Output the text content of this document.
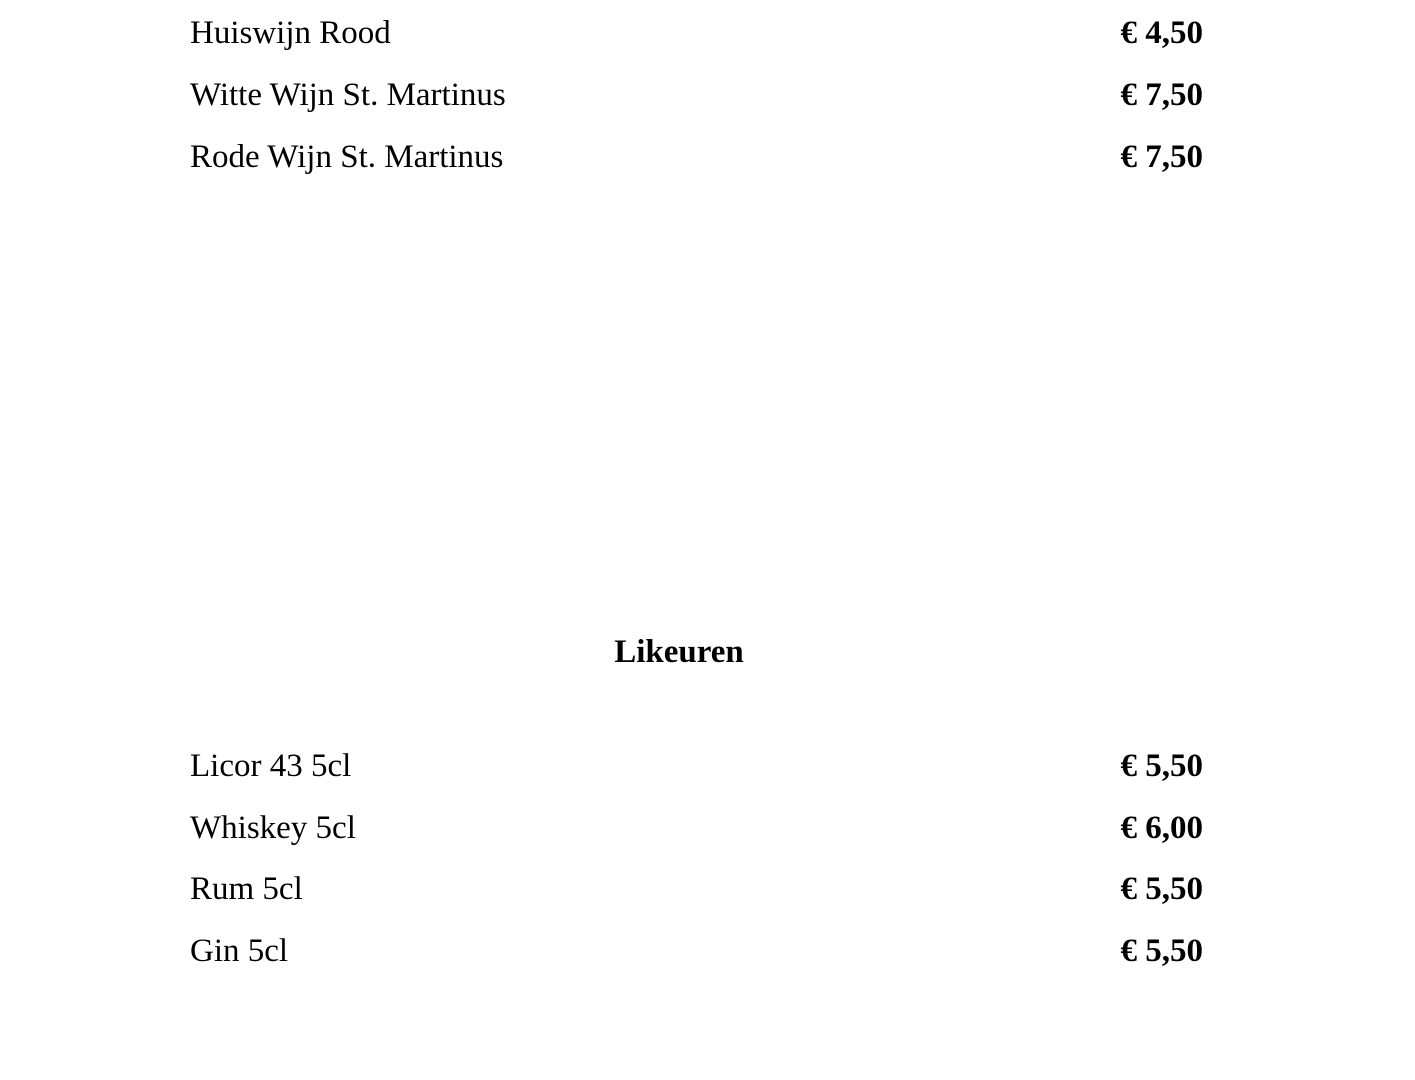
Huiswijn Rood	€ 4,50
Witte Wijn St. Martinus	€ 7,50
Rode Wijn St. Martinus	€ 7,50
Likeuren
Licor 43 5cl	€ 5,50
Whiskey 5cl	€ 6,00
Rum 5cl	€ 5,50
Gin 5cl	€ 5,50
